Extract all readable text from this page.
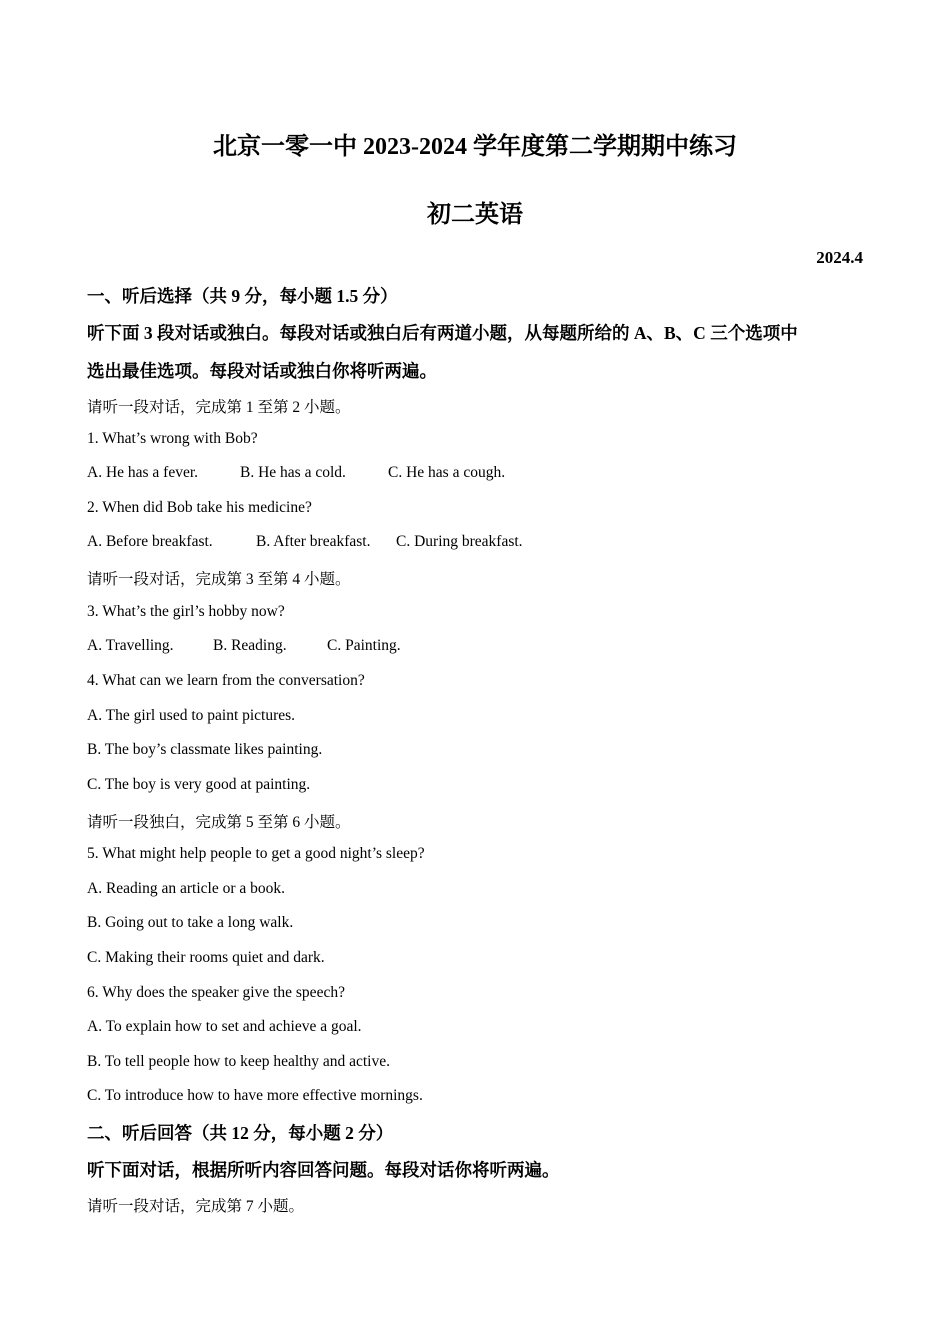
北京一零一中 2023-2024 学年度第二学期期中练习
初二英语
2024.4
一、听后选择（共 9 分，每小题 1.5 分）
听下面 3 段对话或独白。每段对话或独白后有两道小题，从每题所给的 A、B、C 三个选项中
选出最佳选项。每段对话或独白你将听两遍。
请听一段对话，完成第 1 至第 2 小题。
1. What’s wrong with Bob?
A. He has a fever.	B. He has a cold.	C. He has a cough.
2. When did Bob take his medicine?
A. Before breakfast.	B. After breakfast. C. During breakfast.
请听一段对话，完成第 3 至第 4 小题。
3. What’s the girl’s hobby now?
A. Travelling.	B. Reading.	C. Painting.
4. What can we learn from the conversation?
A. The girl used to paint pictures.
B. The boy’s classmate likes painting.
C. The boy is very good at painting.
请听一段独白，完成第 5 至第 6 小题。
5. What might help people to get a good night’s sleep?
A. Reading an article or a book.
B. Going out to take a long walk.
C. Making their rooms quiet and dark.
6. Why does the speaker give the speech?
A. To explain how to set and achieve a goal.
B. To tell people how to keep healthy and active.
C. To introduce how to have more effective mornings.
二、听后回答（共 12 分，每小题 2 分）
听下面对话，根据所听内容回答问题。每段对话你将听两遍。
请听一段对话，完成第 7 小题。
